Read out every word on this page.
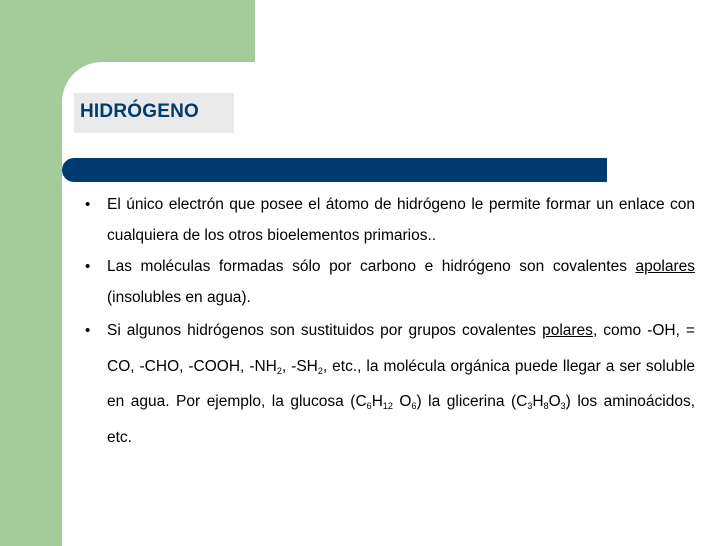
HIDRÓGENO
• El único electrón que posee el átomo de hidrógeno le permite formar un enlace con cualquiera de los otros bioelementos primarios..

• Las moléculas formadas sólo por carbono e hidrógeno son covalentes apolares (insolubles en agua).

• Si algunos hidrógenos son sustituidos por grupos covalentes polares, como -OH, = CO, -CHO, -COOH, $-NH_2$, $-SH_2$, etc., la molécula orgánica puede llegar a ser soluble en agua. Por ejemplo, la glucosa ($C_6H_{12}$ $O_6$) la glicerina $(C_3H_8O_3)$ los aminoácidos, etc.
